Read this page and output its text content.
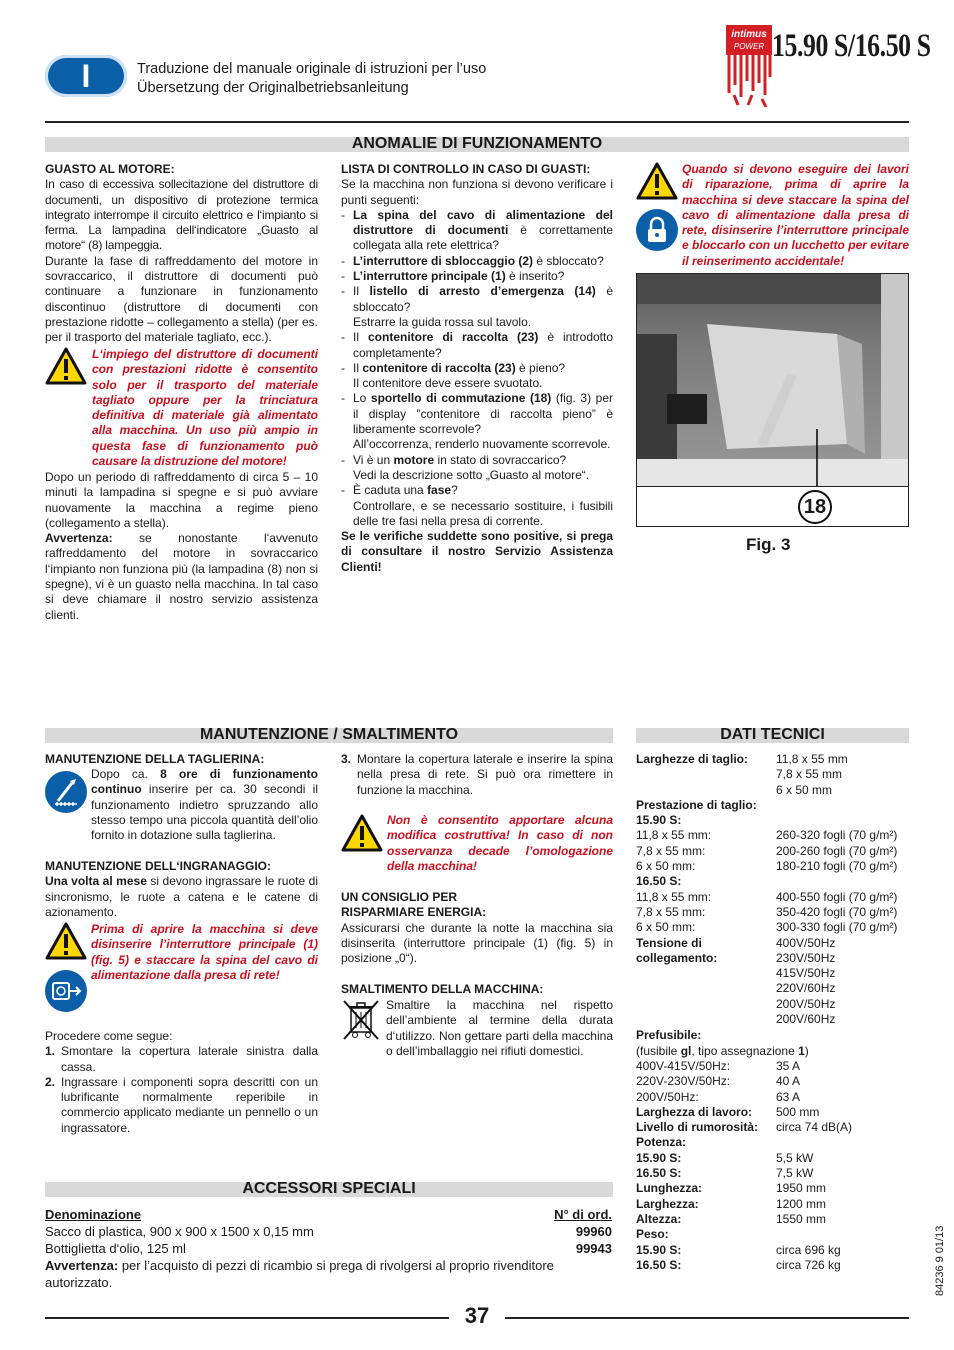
I	Traduzione del manuale originale di istruzioni per l’uso
Übersetzung der Originalbetriebsanleitung
intimus
POWER 15.90 S/16.50 S
ANOMALIE DI FUNZIONAMENTO

GUASTO AL MOTORE:

In caso di eccessiva sollecitazione del distruttore di documenti, un dispositivo di protezione termica integrato interrompe il circuito elettrico e l‘impianto si ferma. La lampadina dell‘indicatore „Guasto al motore“ (8) lampeggia.

Durante la fase di raffreddamento del motore in sovraccarico, il distruttore di documenti può continuare a funzionare in funzionamento discontinuo (distruttore di documenti con prestazione ridotte – collegamento a stella) (per es. per il trasporto del materiale tagliato, ecc.).

L‘impiego del distruttore di documenti con prestazioni ridotte è consentito solo per il trasporto del materiale tagliato oppure per la trinciatura definitiva di materiale già alimentato alla macchina. Un uso più ampio in questa fase di funzionamento può causare la distruzione del motore!

Dopo un periodo di raffreddamento di circa 5 – 10 minuti la lampadina si spegne e si può avviare nuovamente la macchina a regime pieno (collegamento a stella).

Avvertenza: se nonostante l‘avvenuto raffreddamento del motore in sovraccarico l‘impianto non funziona più (la lampadina (8) non si spegne), vi è un guasto nella macchina. In tal caso si deve chiamare il nostro servizio assistenza clienti.

LISTA DI CONTROLLO IN CASO DI GUASTI:

Se la macchina non funziona si devono verificare i punti seguenti:

- La spina del cavo di alimentazione del distruttore di documenti è correttamente collegata alla rete elettrica?
- L’interruttore di sbloccaggio (2) è sbloccato?
- L’interruttore principale (1) è inserito?
- Il listello di arresto d’emergenza (14) è sbloccato?
Estrarre la guida rossa sul tavolo.
- Il contenitore di raccolta (23) è introdotto completamente?
- Il contenitore di raccolta (23) è pieno?
Il contenitore deve essere svuotato.
- Lo sportello di commutazione (18) (fig. 3) per il display ”contenitore di raccolta pieno” è liberamente scorrevole?
All’occorrenza, renderlo nuovamente scorrevole.
- Vi è un motore in stato di sovraccarico?
Vedi la descrizione sotto „Guasto al motore“.
- È caduta una fase?
Controllare, e se necessario sostituire, i fusibili delle tre fasi nella presa di corrente.

Se le verifiche suddette sono positive, si prega di consultare il nostro Servizio Assistenza Clienti!

Quando si devono eseguire dei lavori di riparazione, prima di aprire la macchina si deve staccare la spina del cavo di alimentazione dalla presa di rete, disinserire l’interruttore principale e bloccarlo con un lucchetto per evitare il reinserimento accidentale!
18
Fig. 3
MANUTENZIONE / SMALTIMENTO

MANUTENZIONE DELLA TAGLIERINA:

Dopo ca. 8 ore di funzionamento continuo inserire per ca. 30 secondi il funzionamento indietro spruzzando allo stesso tempo una piccola quantità dell’olio fornito in dotazione sulla taglierina.

MANUTENZIONE DELL‘INGRANAGGIO:

Una volta al mese si devono ingrassare le ruote di sincronismo, le ruote a catena e le catene di azionamento.

Prima di aprire la macchina si deve disinserire l’interruttore principale (1) (fig. 5) e staccare la spina del cavo di alimentazione dalla presa di rete!

Procedere come segue:

1. Smontare la copertura laterale sinistra dalla cassa.
2. Ingrassare i componenti sopra descritti con un lubrificante normalmente reperibile in commercio applicato mediante un pennello o un ingrassatore.
3. Montare la copertura laterale e inserire la spina nella presa di rete. Si può ora rimettere in funzione la macchina.
Non è consentito apportare alcuna modifica costruttiva! In caso di non osservanza decade l’omologazione della macchina!

UN CONSIGLIO PER

RISPARMIARE ENERGIA:

Assicurarsi che durante la notte la macchina sia disinserita (interruttore principale (1) (fig. 5) in posizione „0“).

SMALTIMENTO DELLA MACCHINA:

Smaltire la macchina nel rispetto dell’ambiente al termine della durata d‘utilizzo. Non gettare parti della macchina o dell’imballaggio nei rifiuti domestici.
ACCESSORI SPECIALI
Denominazione	N° di ord.
Sacco di plastica, 900 x 900 x 1500 x 0,15 mm	99960
Bottiglietta d‘olio, 125 ml	99943

Avvertenza: per l’acquisto di pezzi di ricambio si prega di rivolgersi al proprio rivenditore autorizzato.

DATI TECNICI
Larghezze di taglio:	11,8 x 55 mm
7,8 x 55 mm
6 x 50 mm
Prestazione di taglio:
15.90 S:
11,8 x 55 mm:	260-320 fogli (70 g/m²)
7,8 x 55 mm:	200-260 fogli (70 g/m²)
6 x 50 mm:	180-210 fogli (70 g/m²)
16.50 S:
11,8 x 55 mm:	400-550 fogli (70 g/m²)
7,8 x 55 mm:	350-420 fogli (70 g/m²)
6 x 50 mm:	300-330 fogli (70 g/m²)
Tensione di
collegamento:
400V/50Hz
230V/50Hz
415V/50Hz
220V/60Hz
200V/50Hz
200V/60Hz
Prefusibile:
(fusibile gl, tipo assegnazione 1)
400V-415V/50Hz:	35 A
220V-230V/50Hz:	40 A
200V/50Hz:	63 A
Larghezza di lavoro:	500 mm
Livello di rumorosità:	circa 74 dB(A)
Potenza:
15.90 S:	5,5 kW
16.50 S:	7,5 kW
Lunghezza:	1950 mm
Larghezza:	1200 mm
Altezza:	1550 mm
Peso:
15.90 S:	circa 696 kg
16.50 S:	circa 726 kg	84236 9 01/13
37
